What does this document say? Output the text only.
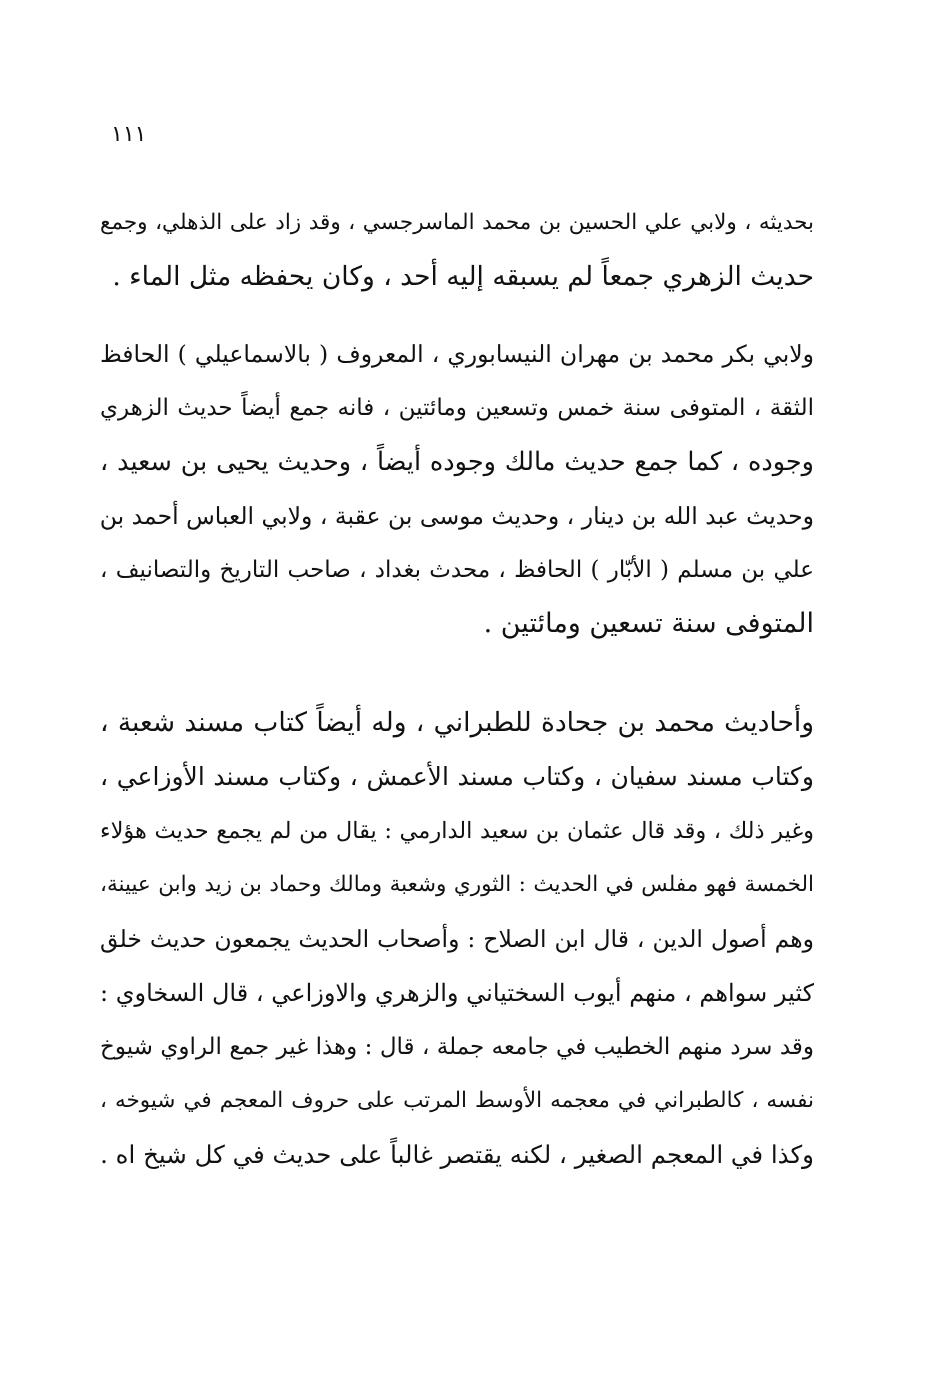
١١١
بحديثه ، ولابي علي الحسين بن محمد الماسرجسي ، وقد زاد على الذهلي، وجمع
حديث الزهري جمعاً لم يسبقه إليه أحد ، وكان يحفظه مثل الماء .
ولابي بكر محمد بن مهران النيسابوري ، المعروف ( بالاسماعيلي ) الحافظ
الثقة ، المتوفى سنة خمس وتسعين ومائتين ، فانه جمع أيضاً حديث الزهري
وجوده ، كما جمع حديث مالك وجوده أيضاً ، وحديث يحيى بن سعيد ،
وحديث عبد الله بن دينار ، وحديث موسى بن عقبة ، ولابي العباس أحمد بن
علي بن مسلم ( الأبّار ) الحافظ ، محدث بغداد ، صاحب التاريخ والتصانيف ،
المتوفى سنة تسعين ومائتين .
وأحاديث محمد بن جحادة للطبراني ، وله أيضاً كتاب مسند شعبة ،
وكتاب مسند سفيان ، وكتاب مسند الأعمش ، وكتاب مسند الأوزاعي ،
وغير ذلك ، وقد قال عثمان بن سعيد الدارمي : يقال من لم يجمع حديث هؤلاء
الخمسة فهو مفلس في الحديث : الثوري وشعبة ومالك وحماد بن زيد وابن عيينة،
وهم أصول الدين ، قال ابن الصلاح : وأصحاب الحديث يجمعون حديث خلق
كثير سواهم ، منهم أيوب السختياني والزهري والاوزاعي ، قال السخاوي :
وقد سرد منهم الخطيب في جامعه جملة ، قال : وهذا غير جمع الراوي شيوخ
نفسه ، كالطبراني في معجمه الأوسط المرتب على حروف المعجم في شيوخه ،
وكذا في المعجم الصغير ، لكنه يقتصر غالباً على حديث في كل شيخ اه .
